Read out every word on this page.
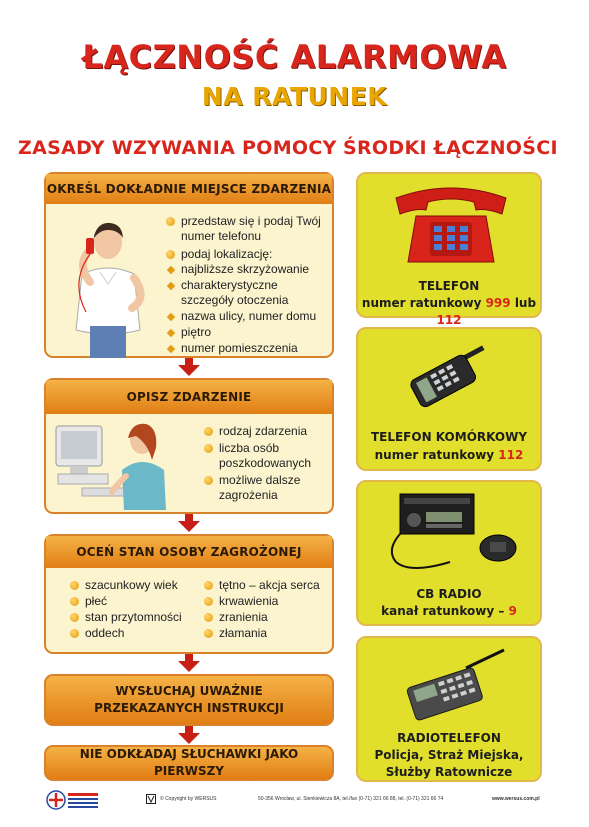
ŁĄCZNOŚĆ ALARMOWA
NA RATUNEK
ZASADY WZYWANIA POMOCY ŚRODKI ŁĄCZNOŚCI
OKREŚL DOKŁADNIE MIEJSCE ZDARZENIA
przedstaw się i podaj Twój numer telefonu
podaj lokalizację:
najbliższe skrzyżowanie
charakterystyczne szczegóły otoczenia
nazwa ulicy, numer domu
piętro
numer pomieszczenia
OPISZ ZDARZENIE
rodzaj zdarzenia
liczba osób poszkodowanych
możliwe dalsze zagrożenia
OCEŃ STAN OSOBY ZAGROŻONEJ
szacunkowy wiek
płeć
stan przytomności
oddech
tętno – akcja serca
krwawienia
zranienia
złamania
WYSŁUCHAJ UWAŻNIE PRZEKAZANYCH INSTRUKCJI
NIE ODKŁADAJ SŁUCHAWKI JAKO PIERWSZY
TELEFON
numer ratunkowy 999 lub 112
TELEFON KOMÓRKOWY
numer ratunkowy 112
CB RADIO
kanał ratunkowy – 9
RADIOTELEFON
Policja, Straż Miejska,
Służby Ratownicze
© Copyright by WERSUS	50-356 Wrocław, ul. Sienkiewicza 8A, tel./fax (0-71) 321 66 88, tel. (0-71) 321 66 74	www.wersus.com.pl
